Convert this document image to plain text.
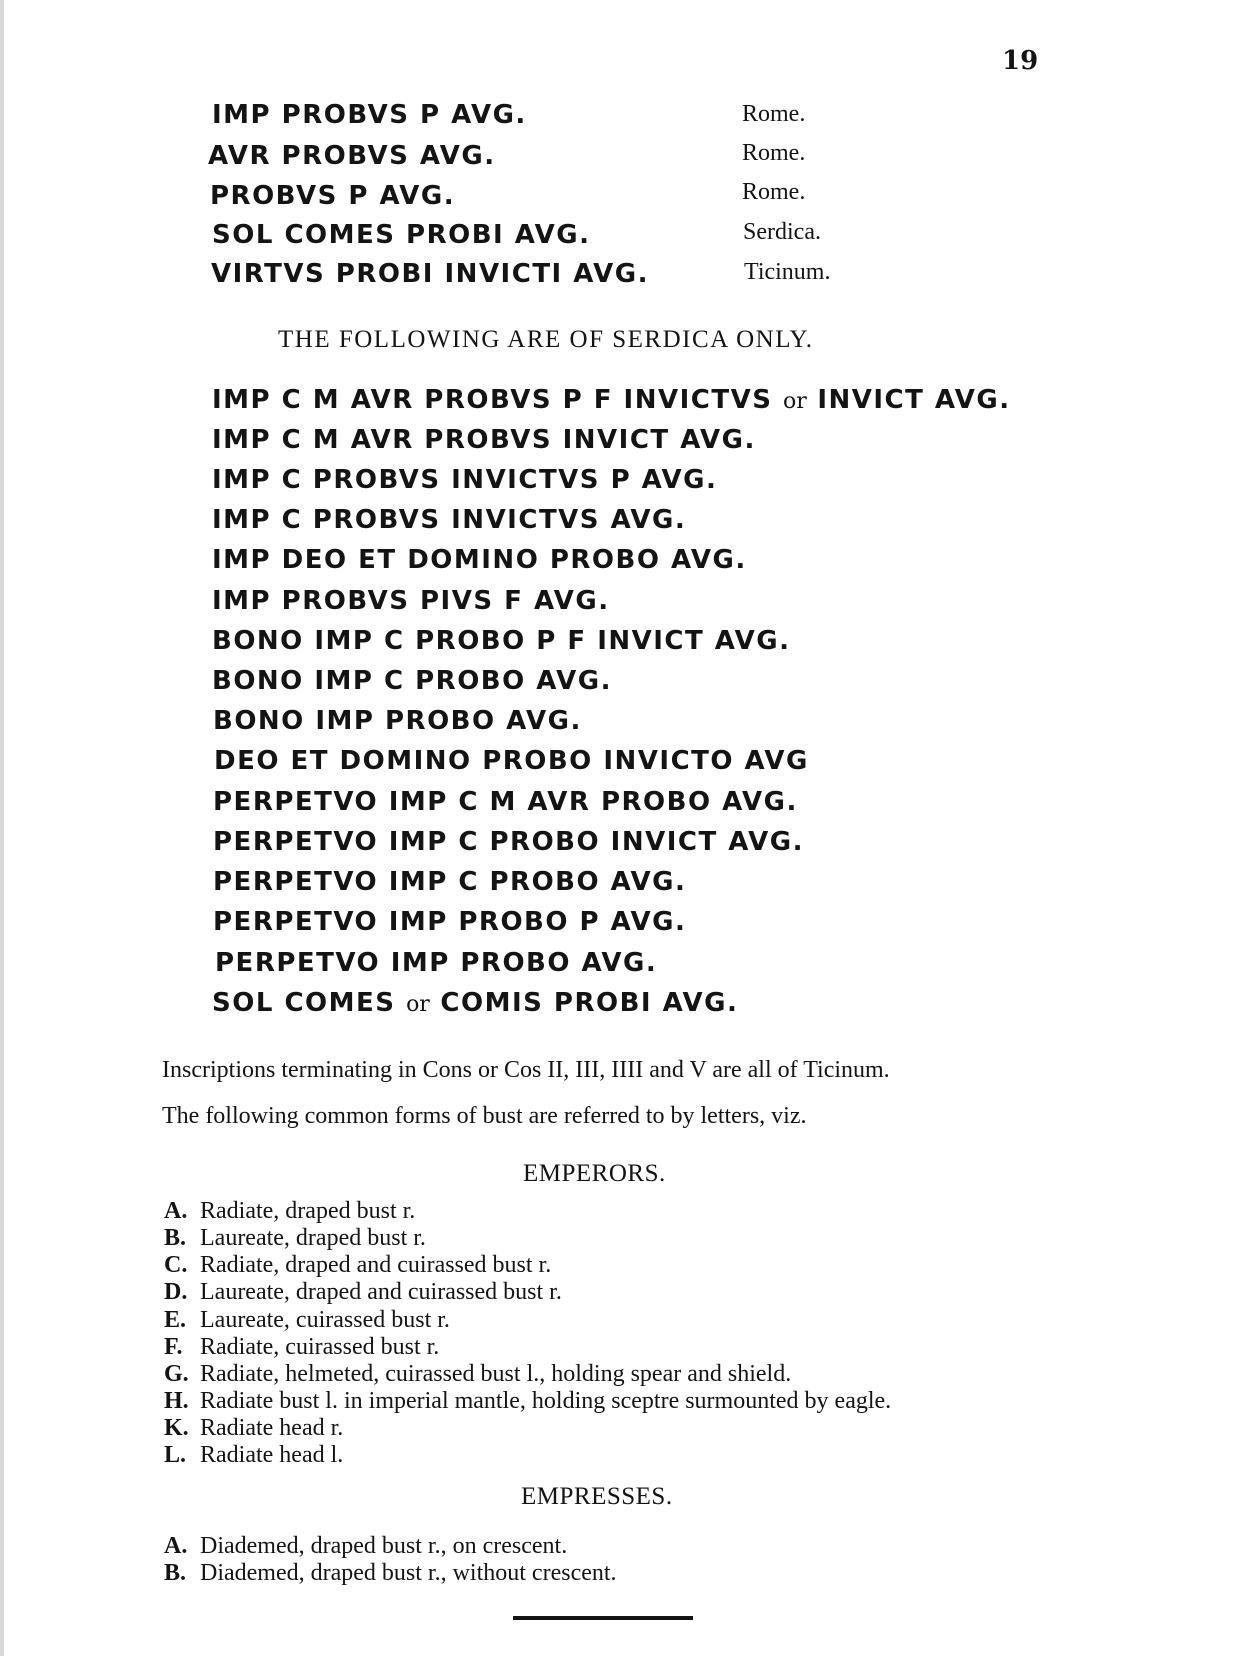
19
IMP PROBVS P AVG.	Rome.
AVR PROBVS AVG.	Rome.
PROBVS P AVG.	Rome.
SOL COMES PROBI AVG.	Serdica.
VIRTVS PROBI INVICTI AVG.	Ticinum.
THE FOLLOWING ARE OF SERDICA ONLY.
IMP C M AVR PROBVS P F INVICTVS or INVICT AVG.
IMP C M AVR PROBVS INVICT AVG.
IMP C PROBVS INVICTVS P AVG.
IMP C PROBVS INVICTVS AVG.
IMP DEO ET DOMINO PROBO AVG.
IMP PROBVS PIVS F AVG.
BONO IMP C PROBO P F INVICT AVG.
BONO IMP C PROBO AVG.
BONO IMP PROBO AVG.
DEO ET DOMINO PROBO INVICTO AVG
PERPETVO IMP C M AVR PROBO AVG.
PERPETVO IMP C PROBO INVICT AVG.
PERPETVO IMP C PROBO AVG.
PERPETVO IMP PROBO P AVG.
PERPETVO IMP PROBO AVG.
SOL COMES or COMIS PROBI AVG.
Inscriptions terminating in Cons or Cos II, III, IIII and V are all of Ticinum.
The following common forms of bust are referred to by letters, viz.
EMPERORS.
A. Radiate, draped bust r.
B. Laureate, draped bust r.
C. Radiate, draped and cuirassed bust r.
D. Laureate, draped and cuirassed bust r.
E. Laureate, cuirassed bust r.
F. Radiate, cuirassed bust r.
G. Radiate, helmeted, cuirassed bust l., holding spear and shield.
H. Radiate bust l. in imperial mantle, holding sceptre surmounted by eagle.
K. Radiate head r.
L. Radiate head l.
EMPRESSES.
A. Diademed, draped bust r., on crescent.
B. Diademed, draped bust r., without crescent.
